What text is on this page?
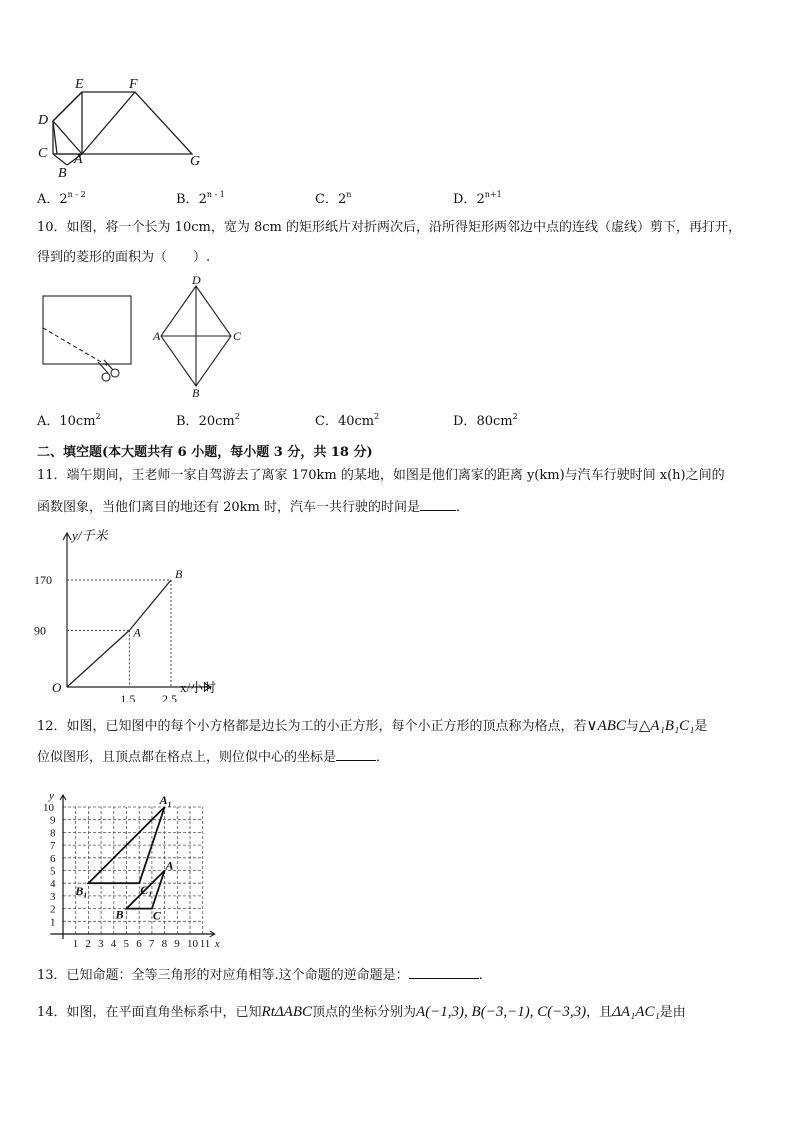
E	F
D
C A
B
G
A．2$^{n - 2}$	B．2$^{n - 1}$	C．2$^n$	D．$2^{n+1}$
10．如图，将一个长为 10cm，宽为 8cm 的矩形纸片对折两次后，沿所得矩形两邻边中点的连线（虚线）剪下，再打开，
得到的菱形的面积为（　　）.
D
A	C
B
A．$10cm^2$	B．$20cm^2$	C．$40cm^2$	D．$80cm^2$
二、填空题(本大题共有 6 小题，每小题 3 分，共 18 分)
11．端午期间，王老师一家自驾游去了离家 170km 的某地，如图是他们离家的距离 y(km)与汽车行驶时间 x(h)之间的
函数图象，当他们离目的地还有 20km 时，汽车一共行驶的时间是	．
A
B
170
90
1.5 2.5
y/千米
x/小时
O
12．如图，已知图中的每个小方格都是边长为工的小正方形，每个小正方形的顶点称为格点，若∨ABC与△A₁B₁C₁是
位似图形，且顶点都在格点上，则位似中心的坐标是	．
1 2 3 4 5 6 7 8 9 10 11
1
2
3
4
5
6
7
8
9
10
y
x
A₁
B₁	C₁
A
B C
13．已知命题：全等三角形的对应角相等.这个命题的逆命题是：	.
14．如图，在平面直角坐标系中，已知RtΔABC顶点的坐标分别为A(−1,3), B(−3,−1), C(−3,3)，且ΔA₁AC₁是由
